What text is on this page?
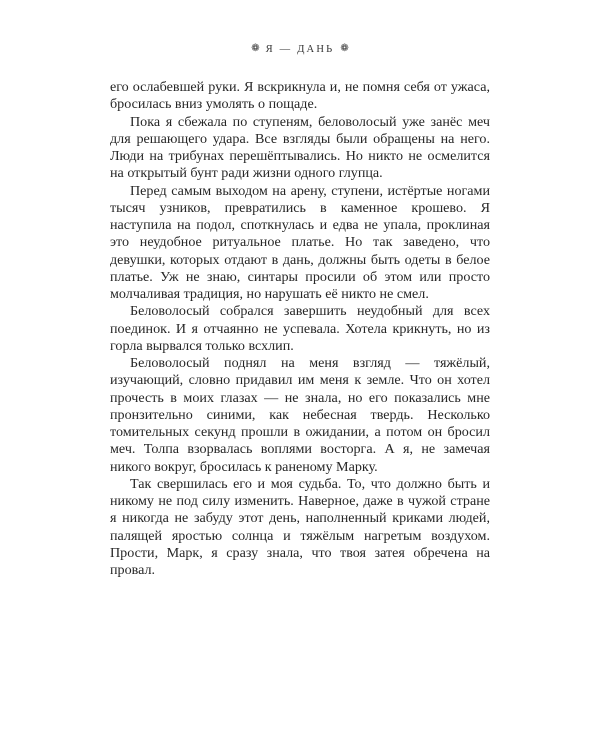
❁ Я — ДАНЬ ❁

его ослабевшей руки. Я вскрикнула и, не помня себя от ужаса, бросилась вниз умолять о пощаде.

Пока я сбежала по ступеням, беловолосый уже занёс меч для решающего удара. Все взгляды были обращены на него. Люди на трибунах перешёптывались. Но никто не осмелится на открытый бунт ради жизни одного глупца.

Перед самым выходом на арену, ступени, истёртые ногами тысяч узников, превратились в каменное крошево. Я наступила на подол, споткнулась и едва не упала, проклиная это неудобное ритуальное платье. Но так заведено, что девушки, которых отдают в дань, должны быть одеты в белое платье. Уж не знаю, синтары просили об этом или просто молчаливая традиция, но нарушать её никто не смел.

Беловолосый собрался завершить неудобный для всех поединок. И я отчаянно не успевала. Хотела крикнуть, но из горла вырвался только всхлип.

Беловолосый поднял на меня взгляд — тяжёлый, изучающий, словно придавил им меня к земле. Что он хотел прочесть в моих глазах — не знала, но его показались мне пронзительно синими, как небесная твердь. Несколько томительных секунд прошли в ожидании, а потом он бросил меч. Толпа взорвалась воплями восторга. А я, не замечая никого вокруг, бросилась к раненому Марку.

Так свершилась его и моя судьба. То, что должно быть и никому не под силу изменить. Наверное, даже в чужой стране я никогда не забуду этот день, наполненный криками людей, палящей яростью солнца и тяжёлым нагретым воздухом. Прости, Марк, я сразу знала, что твоя затея обречена на провал.
